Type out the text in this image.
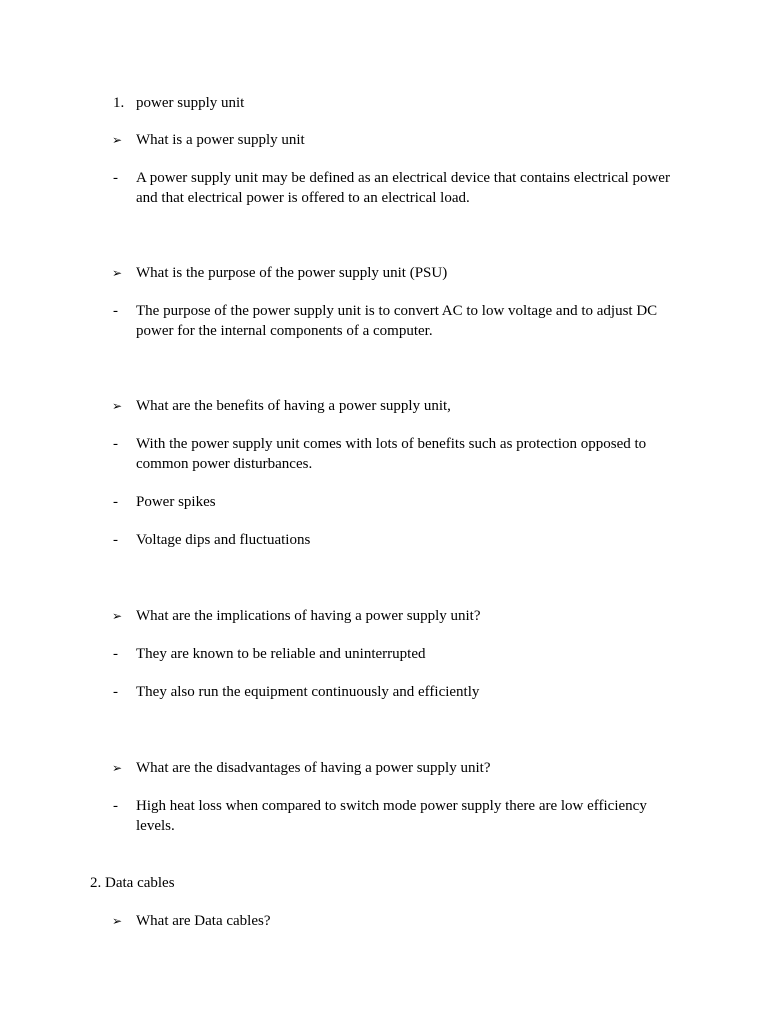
1. power supply unit
➢ What is a power supply unit
-	A power supply unit may be defined as an electrical device that contains electrical power and that electrical power is offered to an electrical load.
➢ What is the purpose of the power supply unit (PSU)
-	The purpose of the power supply unit is to convert AC to low voltage and to adjust DC power for the internal components of a computer.
➢ What are the benefits of having a power supply unit,
-	With the power supply unit comes with lots of benefits such as protection opposed to common power disturbances.
-	Power spikes
-	Voltage dips and fluctuations
➢ What are the implications of having a power supply unit?
-	They are known to be reliable and uninterrupted
-	They also run the equipment continuously and efficiently
➢ What are the disadvantages of having a power supply unit?
-	High heat loss when compared to switch mode power supply there are low efficiency levels.
2. Data cables
➢ What are Data cables?
